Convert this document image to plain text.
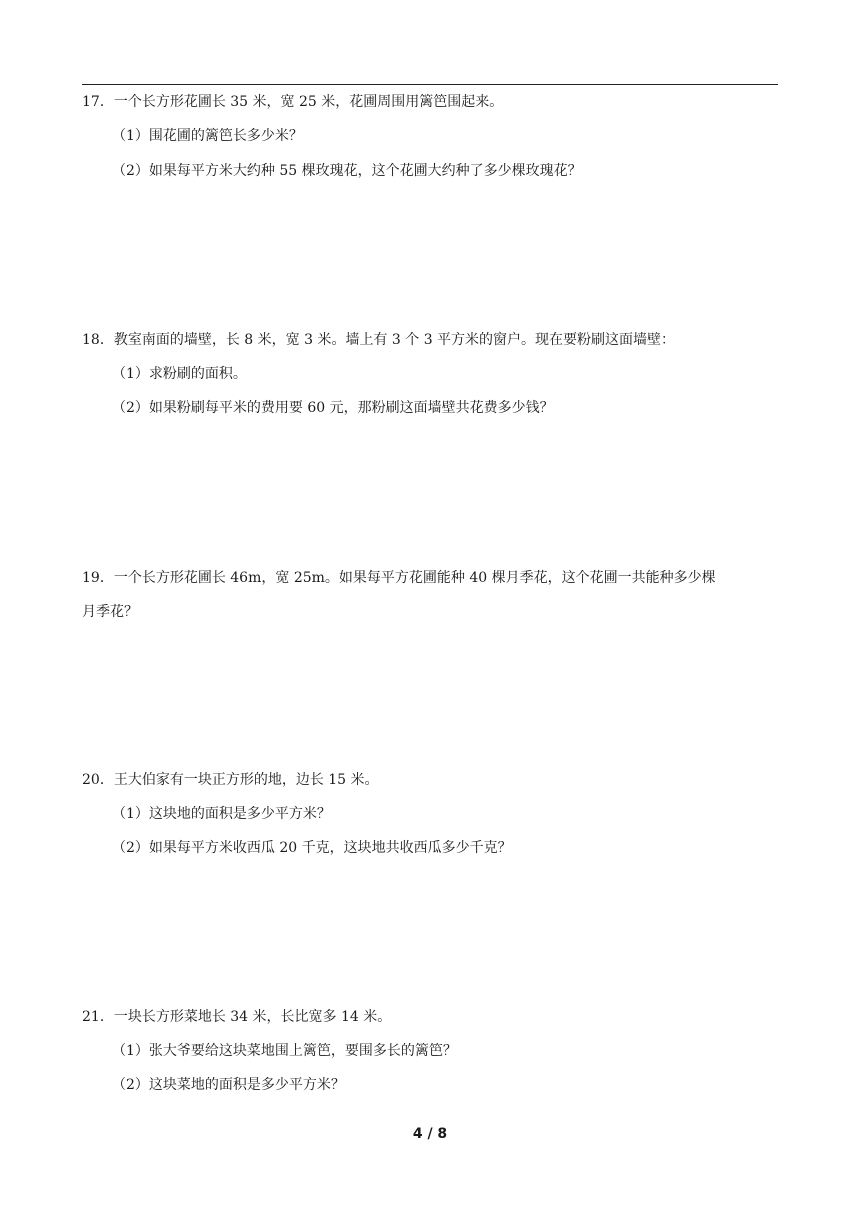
17．一个长方形花圃长 35 米，宽 25 米，花圃周围用篱笆围起来。
（1）围花圃的篱笆长多少米？
（2）如果每平方米大约种 55 棵玫瑰花，这个花圃大约种了多少棵玫瑰花？
18．教室南面的墙壁，长 8 米，宽 3 米。墙上有 3 个 3 平方米的窗户。现在要粉刷这面墙壁：
（1）求粉刷的面积。
（2）如果粉刷每平米的费用要 60 元，那粉刷这面墙壁共花费多少钱？
19．一个长方形花圃长 46m，宽 25m。如果每平方花圃能种 40 棵月季花，这个花圃一共能种多少棵
月季花？
20．王大伯家有一块正方形的地，边长 15 米。
（1）这块地的面积是多少平方米？
（2）如果每平方米收西瓜 20 千克，这块地共收西瓜多少千克？
21．一块长方形菜地长 34 米，长比宽多 14 米。
（1）张大爷要给这块菜地围上篱笆，要围多长的篱笆？
（2）这块菜地的面积是多少平方米？
4 / 8
